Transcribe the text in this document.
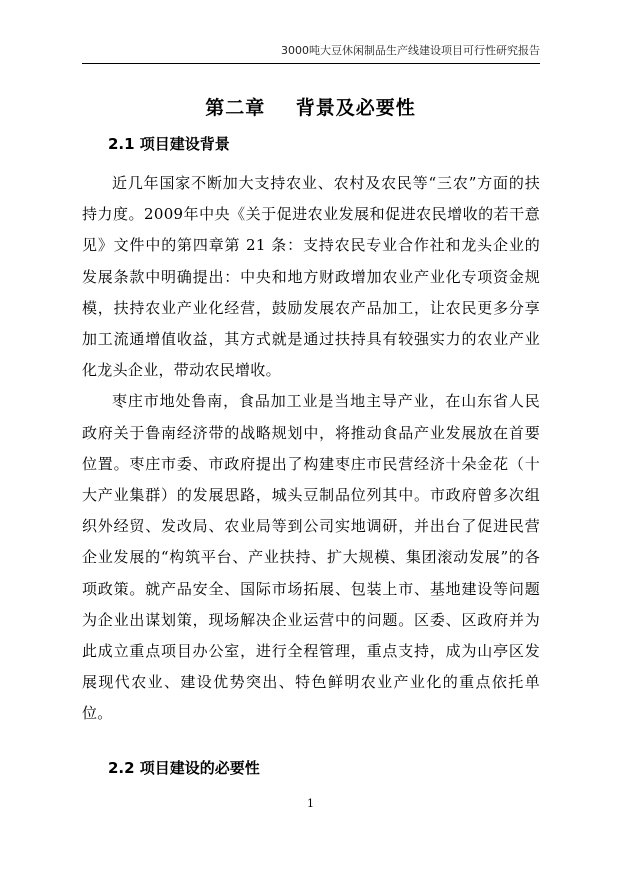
3000吨大豆休闲制品生产线建设项目可行性研究报告
第二章    背景及必要性
2.1 项目建设背景

近几年国家不断加大支持农业、农村及农民等“三农”方面的扶持力度。2009年中央《关于促进农业发展和促进农民增收的若干意见》文件中的第四章第 21 条：支持农民专业合作社和龙头企业的发展条款中明确提出：中央和地方财政增加农业产业化专项资金规模，扶持农业产业化经营，鼓励发展农产品加工，让农民更多分享加工流通增值收益，其方式就是通过扶持具有较强实力的农业产业化龙头企业，带动农民增收。

枣庄市地处鲁南，食品加工业是当地主导产业，在山东省人民政府关于鲁南经济带的战略规划中，将推动食品产业发展放在首要位置。枣庄市委、市政府提出了构建枣庄市民营经济十朵金花（十大产业集群）的发展思路，城头豆制品位列其中。市政府曾多次组织外经贸、发改局、农业局等到公司实地调研，并出台了促进民营企业发展的“构筑平台、产业扶持、扩大规模、集团滚动发展”的各项政策。就产品安全、国际市场拓展、包装上市、基地建设等问题为企业出谋划策，现场解决企业运营中的问题。区委、区政府并为此成立重点项目办公室，进行全程管理，重点支持，成为山亭区发展现代农业、建设优势突出、特色鲜明农业产业化的重点依托单位。

2.2 项目建设的必要性
1
